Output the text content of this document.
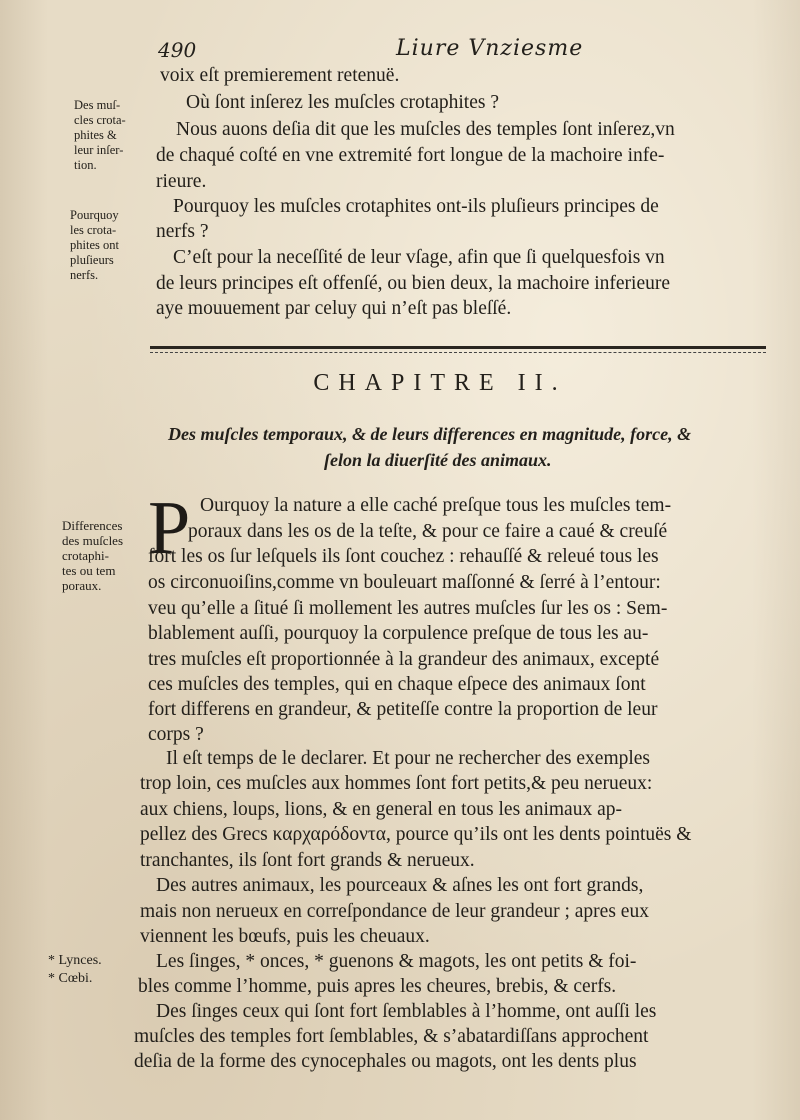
490	Liure Vnziesme
voix eſt premierement retenuë.
Où ſont inſerez les muſcles crotaphites ?
Nous auons deſia dit que les muſcles des temples ſont inſerez,vn
de chaqué coſté en vne extremité fort longue de la machoire infe-
rieure.
Pourquoy les muſcles crotaphites ont-ils pluſieurs principes de
nerfs ?
C’eſt pour la neceſſité de leur vſage, afin que ſi quelquesfois vn
de leurs principes eſt offenſé, ou bien deux, la machoire inferieure
aye mouuement par celuy qui n’eſt pas bleſſé.
Des muſ-
cles crota-
phites &
leur inſer-
tion.
Pourquoy
les crota-
phites ont
pluſieurs
nerfs.
CHAPITRE II.
Des muſcles temporaux, & de leurs differences en magnitude, force, &
ſelon la diuerſité des animaux.
Differences
des muſcles
crotaphi-
tes ou tem
poraux.
P Ourquoy la nature a elle caché preſque tous les muſcles tem-
poraux dans les os de la teſte, & pour ce faire a caué & creuſé
fort les os ſur leſquels ils ſont couchez : rehauſſé & releué tous les
os circonuoiſins,comme vn bouleuart maſſonné & ſerré à l’entour:
veu qu’elle a ſitué ſi mollement les autres muſcles ſur les os : Sem-
blablement auſſi, pourquoy la corpulence preſque de tous les au-
tres muſcles eſt proportionnée à la grandeur des animaux, excepté
ces muſcles des temples, qui en chaque eſpece des animaux ſont
fort differens en grandeur, & petiteſſe contre la proportion de leur
corps ?
Il eſt temps de le declarer. Et pour ne rechercher des exemples
trop loin, ces muſcles aux hommes ſont fort petits,& peu nerueux:
aux chiens, loups, lions, & en general en tous les animaux ap-
pellez des Grecs καρχαρόδοντα, pource qu’ils ont les dents pointuës &
tranchantes, ils ſont fort grands & nerueux.
Des autres animaux, les pourceaux & aſnes les ont fort grands,
mais non nerueux en correſpondance de leur grandeur ; apres eux
viennent les bœufs, puis les cheuaux.
Les ſinges, * onces, * guenons & magots, les ont petits & foi-
bles comme l’homme, puis apres les cheures, brebis, & cerfs.
Des ſinges ceux qui ſont fort ſemblables à l’homme, ont auſſi les
muſcles des temples fort ſemblables, & s’abatardiſſans approchent
deſia de la forme des cynocephales ou magots, ont les dents plus
* Lynces.
* Cœbi.
